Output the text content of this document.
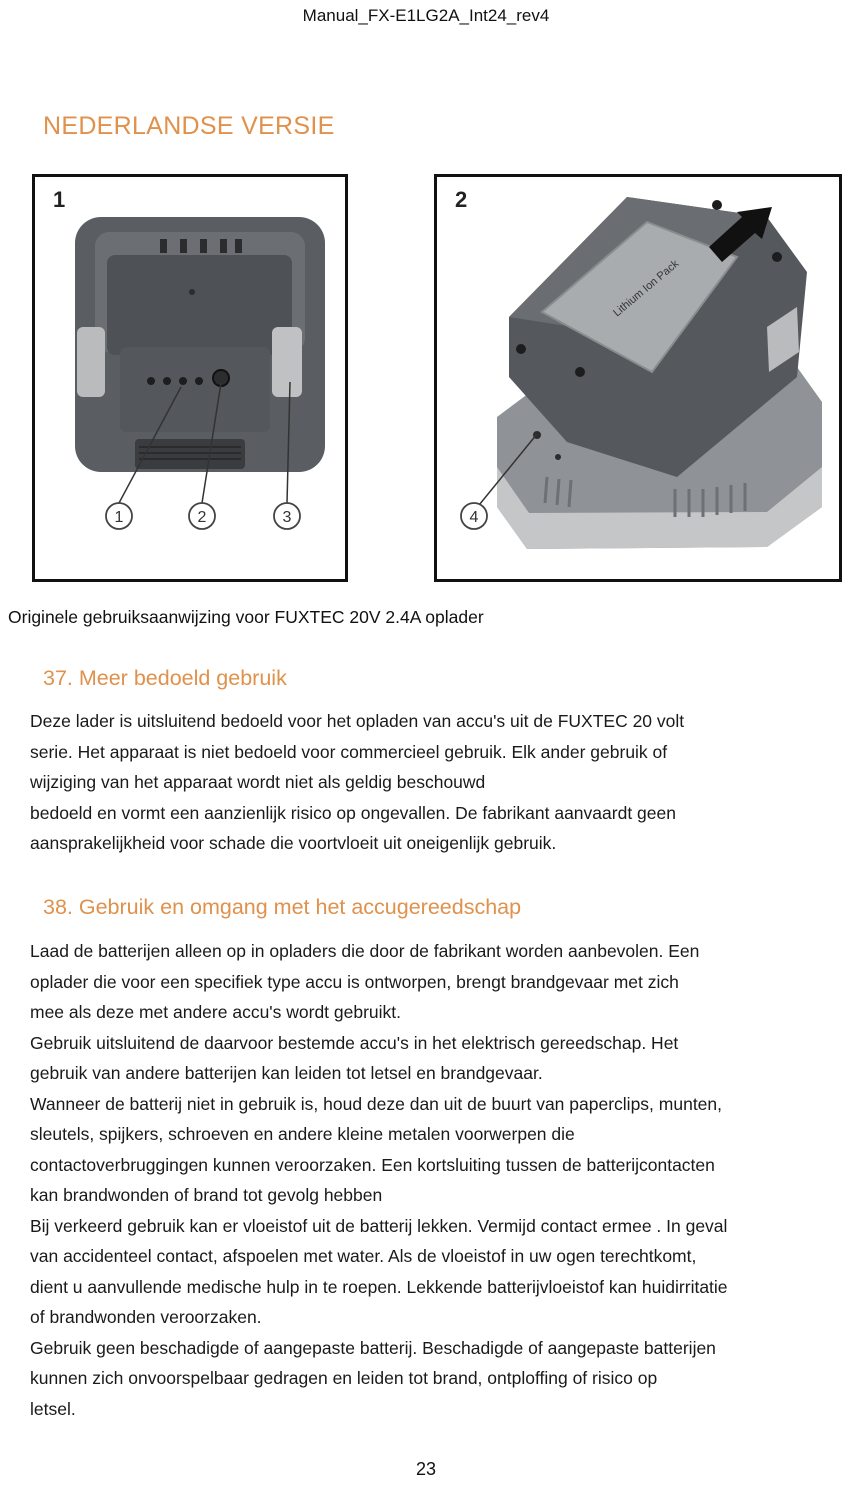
Manual_FX-E1LG2A_Int24_rev4
NEDERLANDSE VERSIE
1	2	3
1
Lithium Ion Pack
4
2
Originele gebruiksaanwijzing voor FUXTEC 20V 2.4A oplader
37. Meer bedoeld gebruik
Deze lader is uitsluitend bedoeld voor het opladen van accu's uit de FUXTEC 20 volt
serie. Het apparaat is niet bedoeld voor commercieel gebruik. Elk ander gebruik of
wijziging van het apparaat wordt niet als geldig beschouwd
bedoeld en vormt een aanzienlijk risico op ongevallen. De fabrikant aanvaardt geen
aansprakelijkheid voor schade die voortvloeit uit oneigenlijk gebruik.
38. Gebruik en omgang met het accugereedschap
Laad de batterijen alleen op in opladers die door de fabrikant worden aanbevolen. Een
oplader die voor een specifiek type accu is ontworpen, brengt brandgevaar met zich
mee als deze met andere accu's wordt gebruikt.
Gebruik uitsluitend de daarvoor bestemde accu's in het elektrisch gereedschap. Het
gebruik van andere batterijen kan leiden tot letsel en brandgevaar.
Wanneer de batterij niet in gebruik is, houd deze dan uit de buurt van paperclips, munten,
sleutels, spijkers, schroeven en andere kleine metalen voorwerpen die
contactoverbruggingen kunnen veroorzaken. Een kortsluiting tussen de batterijcontacten
kan brandwonden of brand tot gevolg hebben
Bij verkeerd gebruik kan er vloeistof uit de batterij lekken. Vermijd contact ermee . In geval
van accidenteel contact, afspoelen met water. Als de vloeistof in uw ogen terechtkomt,
dient u aanvullende medische hulp in te roepen. Lekkende batterijvloeistof kan huidirritatie
of brandwonden veroorzaken.
Gebruik geen beschadigde of aangepaste batterij. Beschadigde of aangepaste batterijen
kunnen zich onvoorspelbaar gedragen en leiden tot brand, ontploffing of risico op
letsel.
23
